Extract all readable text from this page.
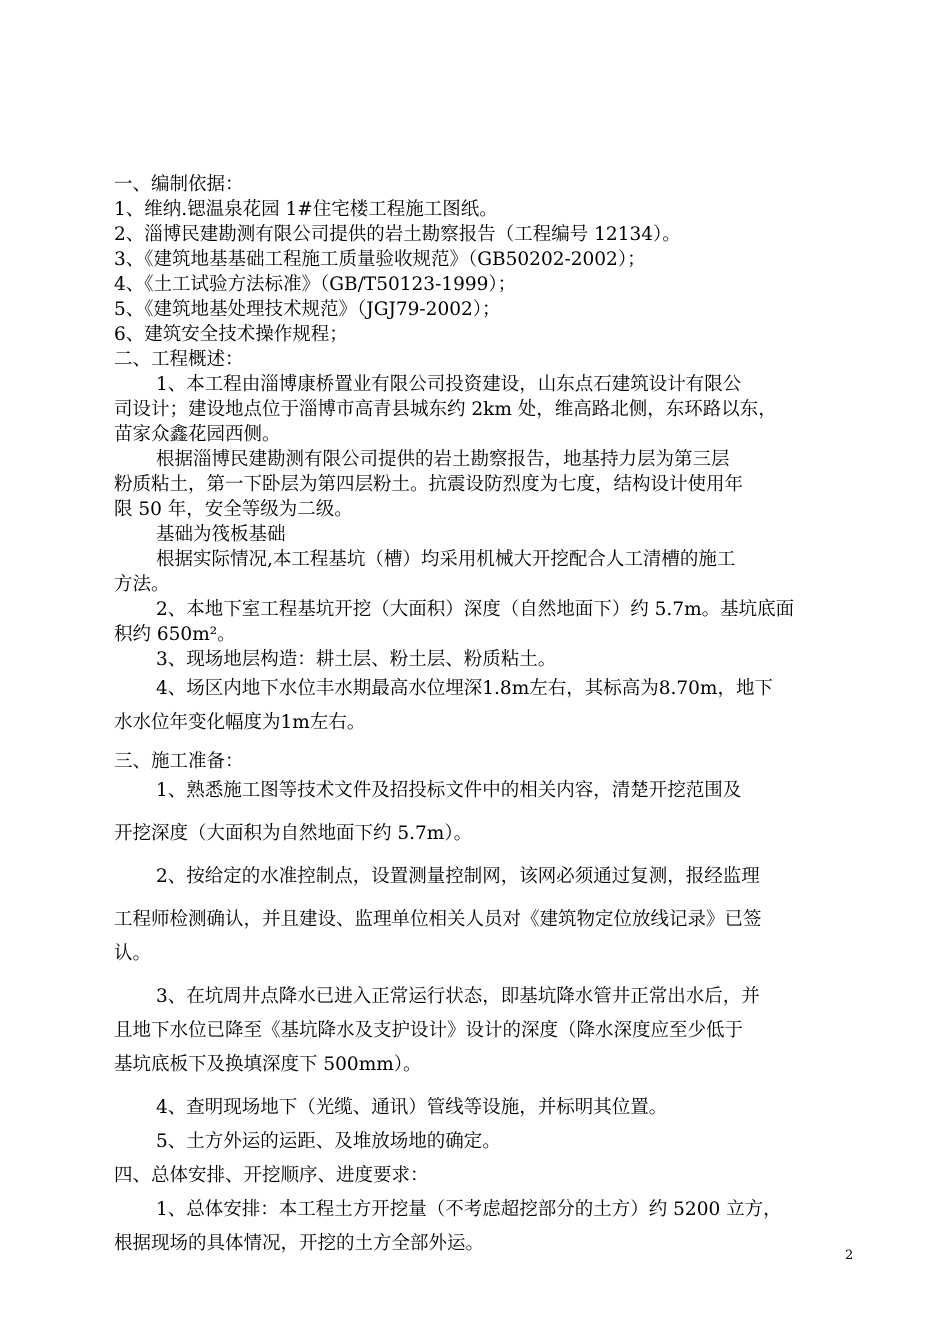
一、编制依据：

1、维纳.锶温泉花园 1#住宅楼工程施工图纸。

2、淄博民建勘测有限公司提供的岩土勘察报告（工程编号 12134）。

3、《建筑地基基础工程施工质量验收规范》（GB50202-2002）；

4、《土工试验方法标准》（GB/T50123-1999）；

5、《建筑地基处理技术规范》（JGJ79-2002）；

6、建筑安全技术操作规程；

二、工程概述：

1、本工程由淄博康桥置业有限公司投资建设，山东点石建筑设计有限公

司设计；建设地点位于淄博市高青县城东约 2km 处，维高路北侧，东环路以东，

苗家众鑫花园西侧。

根据淄博民建勘测有限公司提供的岩土勘察报告，地基持力层为第三层

粉质粘土，第一下卧层为第四层粉土。抗震设防烈度为七度，结构设计使用年

限 50 年，安全等级为二级。

基础为筏板基础

根据实际情况,本工程基坑（槽）均采用机械大开挖配合人工清槽的施工

方法。

2、本地下室工程基坑开挖（大面积）深度（自然地面下）约 5.7m。基坑底面

积约 650m²。

3、现场地层构造：耕土层、粉土层、粉质粘土。

4、场区内地下水位丰水期最高水位埋深1.8m左右，其标高为8.70m，地下

水水位年变化幅度为1m左右。

三、施工准备：

1、熟悉施工图等技术文件及招投标文件中的相关内容，清楚开挖范围及

开挖深度（大面积为自然地面下约 5.7m）。

2、按给定的水准控制点，设置测量控制网，该网必须通过复测，报经监理

工程师检测确认，并且建设、监理单位相关人员对《建筑物定位放线记录》已签

认。

3、在坑周井点降水已进入正常运行状态，即基坑降水管井正常出水后，并

且地下水位已降至《基坑降水及支护设计》设计的深度（降水深度应至少低于

基坑底板下及换填深度下 500mm）。

4、查明现场地下（光缆、通讯）管线等设施，并标明其位置。

5、土方外运的运距、及堆放场地的确定。

四、总体安排、开挖顺序、进度要求：

1、总体安排：本工程土方开挖量（不考虑超挖部分的土方）约 5200 立方，

根据现场的具体情况，开挖的土方全部外运。

2
